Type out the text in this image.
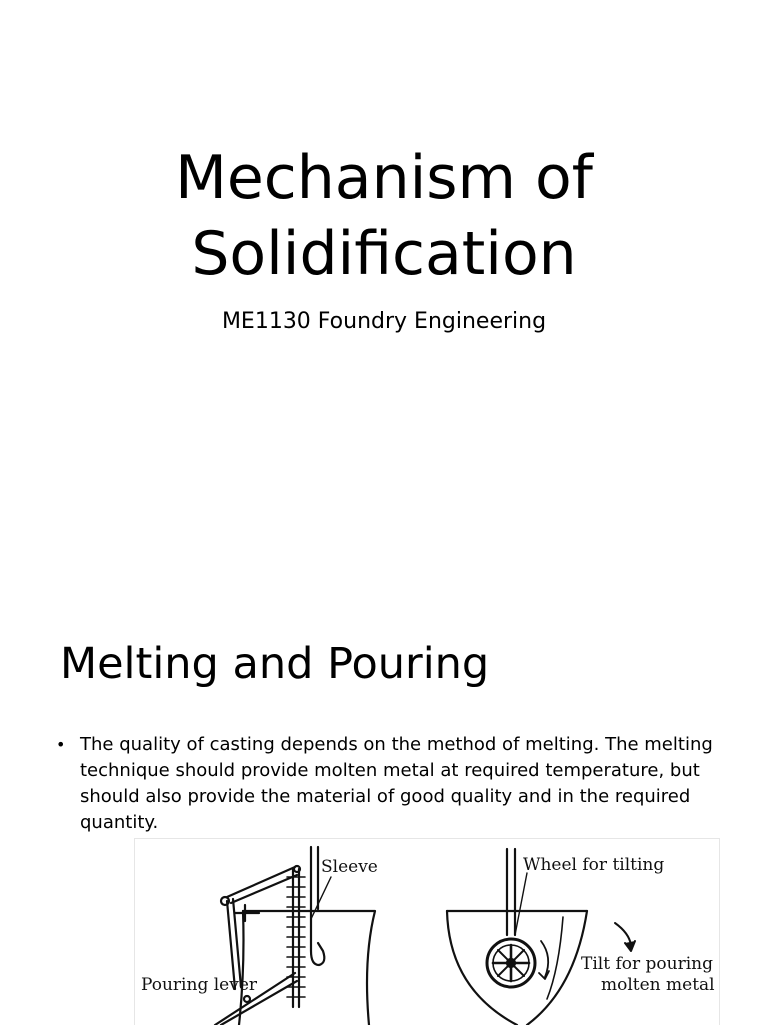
Mechanism of Solidification

ME1130 Foundry Engineering

Melting and Pouring
• The quality of casting depends on the method of melting. The melting technique should provide molten metal at required temperature, but should also provide the material of good quality and in the required quantity.
Sleeve	Wheel for tilting
Tilt for pouring
molten metal
Pouring lever
